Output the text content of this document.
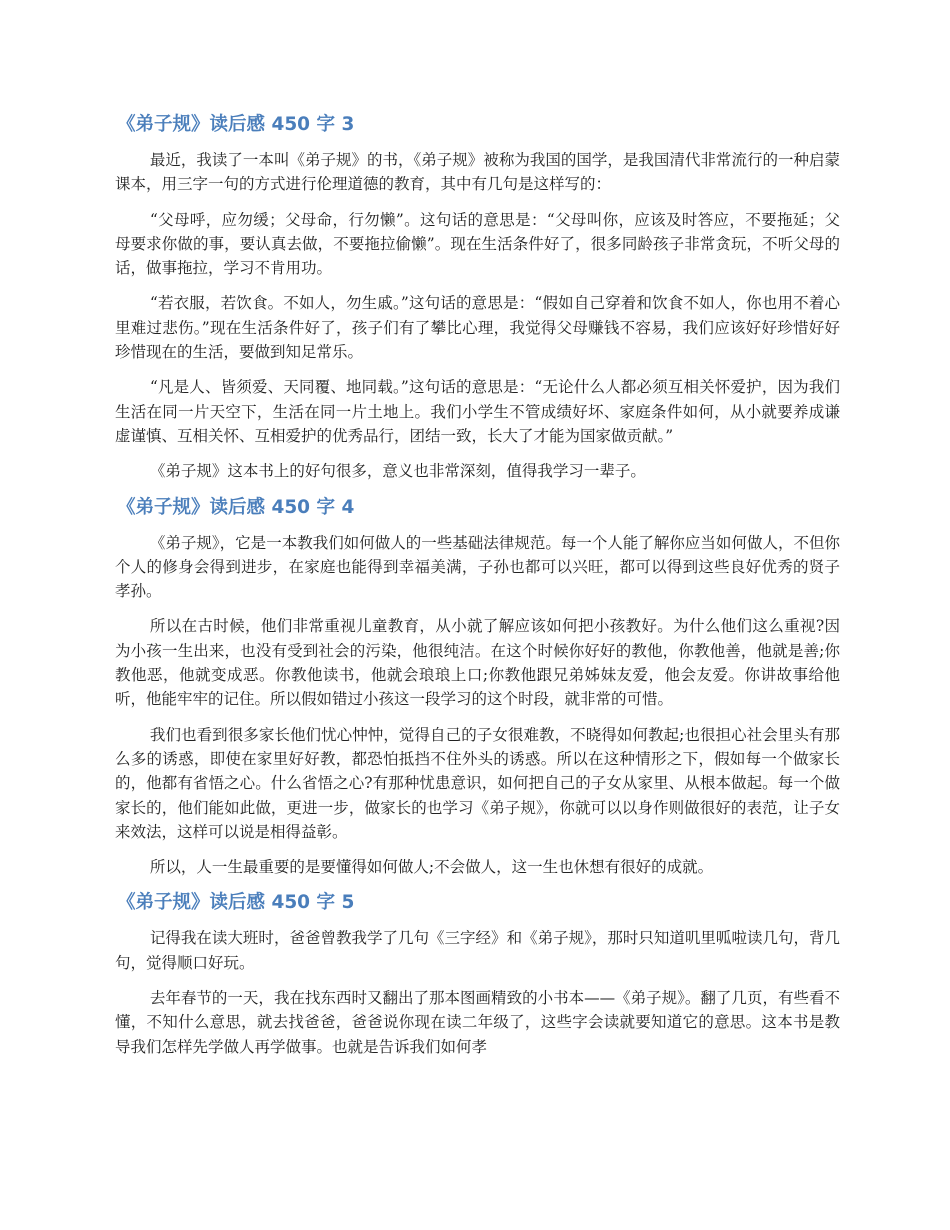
《弟子规》读后感 450 字 3

最近，我读了一本叫《弟子规》的书，《弟子规》被称为我国的国学，是我国清代非常流行的一种启蒙课本，用三字一句的方式进行伦理道德的教育，其中有几句是这样写的：

“父母呼，应勿缓；父母命，行勿懒”。这句话的意思是：“父母叫你，应该及时答应，不要拖延；父母要求你做的事，要认真去做，不要拖拉偷懒”。现在生活条件好了，很多同龄孩子非常贪玩，不听父母的话，做事拖拉，学习不肯用功。

“若衣服，若饮食。不如人，勿生戚。”这句话的意思是：“假如自己穿着和饮食不如人，你也用不着心里难过悲伤。”现在生活条件好了，孩子们有了攀比心理，我觉得父母赚钱不容易，我们应该好好珍惜好好珍惜现在的生活，要做到知足常乐。

“凡是人、皆须爱、天同覆、地同载。”这句话的意思是：“无论什么人都必须互相关怀爱护，因为我们生活在同一片天空下，生活在同一片土地上。我们小学生不管成绩好坏、家庭条件如何，从小就要养成谦虚谨慎、互相关怀、互相爱护的优秀品行，团结一致，长大了才能为国家做贡献。”

《弟子规》这本书上的好句很多，意义也非常深刻，值得我学习一辈子。

《弟子规》读后感 450 字 4

《弟子规》，它是一本教我们如何做人的一些基础法律规范。每一个人能了解你应当如何做人，不但你个人的修身会得到进步，在家庭也能得到幸福美满，子孙也都可以兴旺，都可以得到这些良好优秀的贤子孝孙。

所以在古时候，他们非常重视儿童教育，从小就了解应该如何把小孩教好。为什么他们这么重视?因为小孩一生出来，也没有受到社会的污染，他很纯洁。在这个时候你好好的教他，你教他善，他就是善;你教他恶，他就变成恶。你教他读书，他就会琅琅上口;你教他跟兄弟姊妹友爱，他会友爱。你讲故事给他听，他能牢牢的记住。所以假如错过小孩这一段学习的这个时段，就非常的可惜。

我们也看到很多家长他们忧心忡忡，觉得自己的子女很难教，不晓得如何教起;也很担心社会里头有那么多的诱惑，即使在家里好好教，都恐怕抵挡不住外头的诱惑。所以在这种情形之下，假如每一个做家长的，他都有省悟之心。什么省悟之心?有那种忧患意识，如何把自己的子女从家里、从根本做起。每一个做家长的，他们能如此做，更进一步，做家长的也学习《弟子规》，你就可以以身作则做很好的表范，让子女来效法，这样可以说是相得益彰。

所以，人一生最重要的是要懂得如何做人;不会做人，这一生也休想有很好的成就。

《弟子规》读后感 450 字 5

记得我在读大班时，爸爸曾教我学了几句《三字经》和《弟子规》，那时只知道叽里呱啦读几句，背几句，觉得顺口好玩。

去年春节的一天，我在找东西时又翻出了那本图画精致的小书本——《弟子规》。翻了几页，有些看不懂，不知什么意思，就去找爸爸，爸爸说你现在读二年级了，这些字会读就要知道它的意思。这本书是教导我们怎样先学做人再学做事。也就是告诉我们如何孝
